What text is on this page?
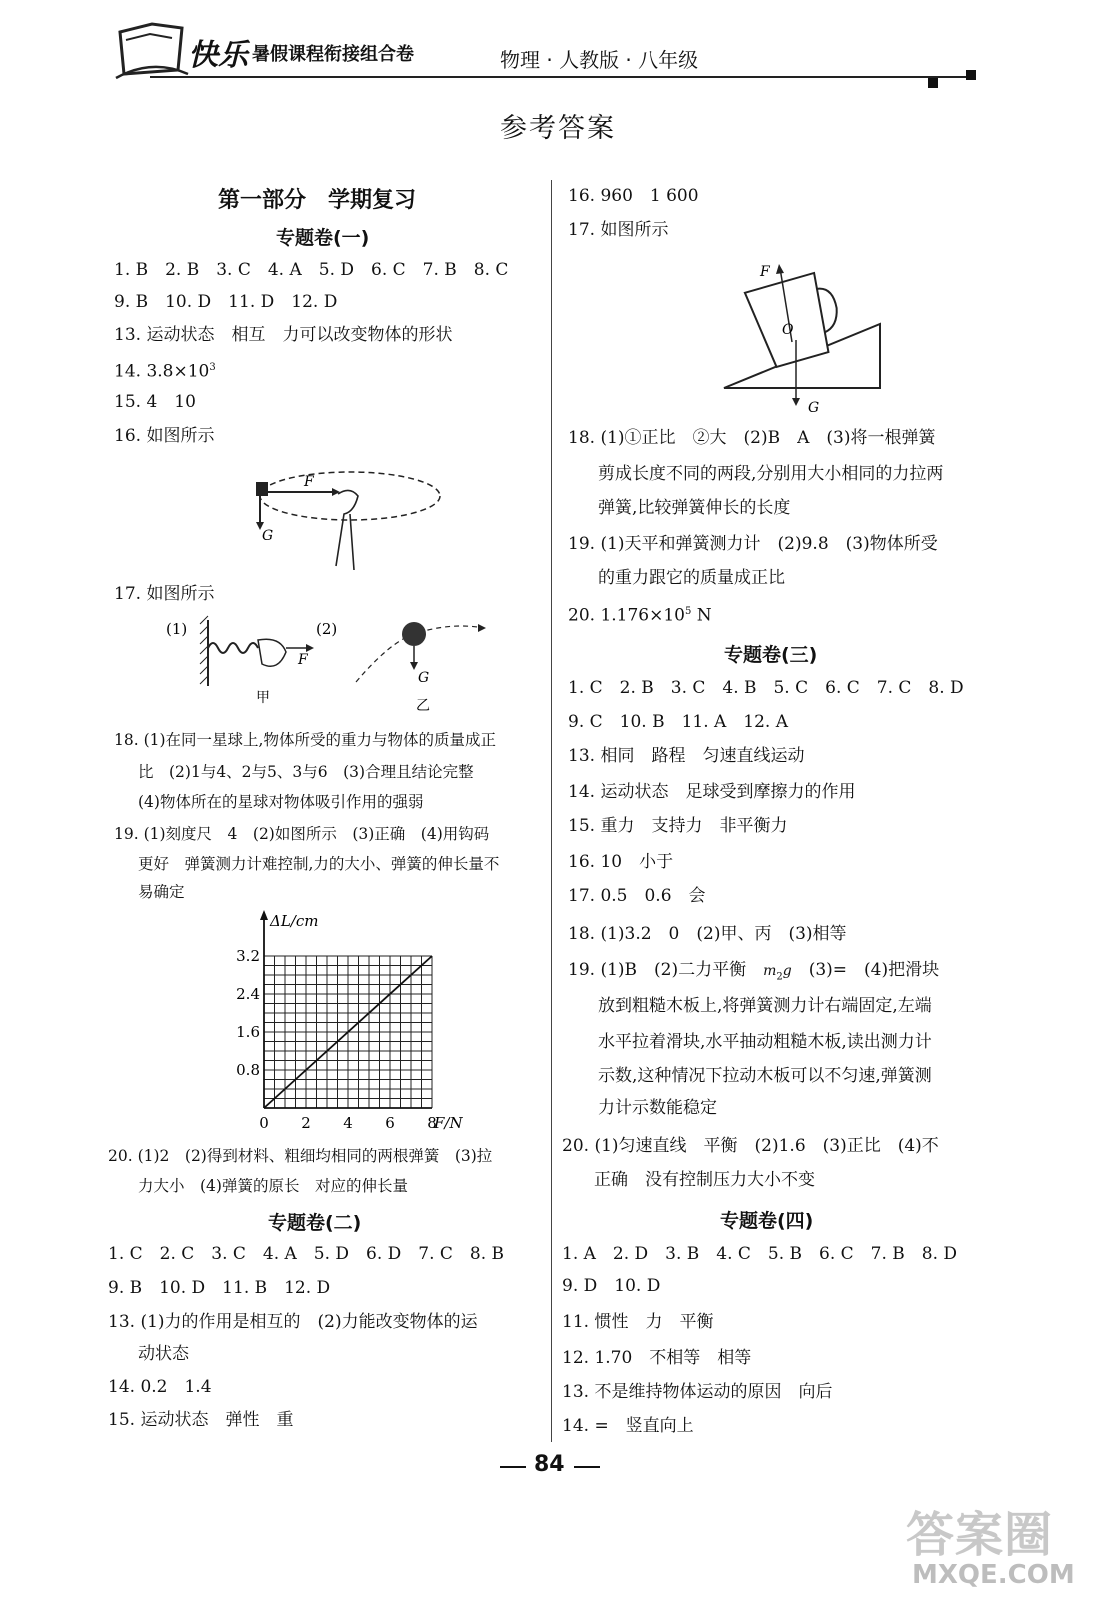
快乐 暑假课程衔接组合卷	物理 · 人教版 · 八年级
参考答案
第一部分　学期复习
专题卷(一)
1. B　2. B　3. C　4. A　5. D　6. C　7. B　8. C
9. B　10. D　11. D　12. D
13. 运动状态　相互　力可以改变物体的形状
14. $3.8\times 10^3$
15. 4　10
16. 如图所示
F
G
17. 如图所示
(1)
F
甲
(2)
G
乙
18. (1)在同一星球上,物体所受的重力与物体的质量成正
比　(2)1与4、2与5、3与6　(3)合理且结论完整
(4)物体所在的星球对物体吸引作用的强弱
19. (1)刻度尺　4　(2)如图所示　(3)正确　(4)用钩码
更好　弹簧测力计难控制,力的大小、弹簧的伸长量不
易确定
ΔL/cm
F/N
0 2 4 6 8
0.8
1.6
2.4
3.2
20. (1)2　(2)得到材料、粗细均相同的两根弹簧　(3)拉
力大小　(4)弹簧的原长　对应的伸长量
专题卷(二)
1. C　2. C　3. C　4. A　5. D　6. D　7. C　8. B
9. B　10. D　11. B　12. D
13. (1)力的作用是相互的　(2)力能改变物体的运
动状态
14. 0.2　1.4
15. 运动状态　弹性　重
16. 960　1 600
17. 如图所示
F
O
G
18. (1)①正比　②大　(2)B　A　(3)将一根弹簧
剪成长度不同的两段,分别用大小相同的力拉两
弹簧,比较弹簧伸长的长度
19. (1)天平和弹簧测力计　(2)9.8　(3)物体所受
的重力跟它的质量成正比
20. $1.176\times 10^5$ N
专题卷(三)
1. C　2. B　3. C　4. B　5. C　6. C　7. C　8. D
9. C　10. B　11. A　12. A
13. 相同　路程　匀速直线运动
14. 运动状态　足球受到摩擦力的作用
15. 重力　支持力　非平衡力
16. 10　小于
17. 0.5　0.6　会
18. (1)3.2　0　(2)甲、丙　(3)相等
19. (1)B　(2)二力平衡　$m_2g$　(3)=　(4)把滑块
放到粗糙木板上,将弹簧测力计右端固定,左端
水平拉着滑块,水平抽动粗糙木板,读出测力计
示数,这种情况下拉动木板可以不匀速,弹簧测
力计示数能稳定
20. (1)匀速直线　平衡　(2)1.6　(3)正比　(4)不
正确　没有控制压力大小不变
专题卷(四)
1. A　2. D　3. B　4. C　5. B　6. C　7. B　8. D
9. D　10. D
11. 惯性　力　平衡
12. 1.70　不相等　相等
13. 不是维持物体运动的原因　向后
14. =　竖直向上
84
答案圈
MXQE.COM
